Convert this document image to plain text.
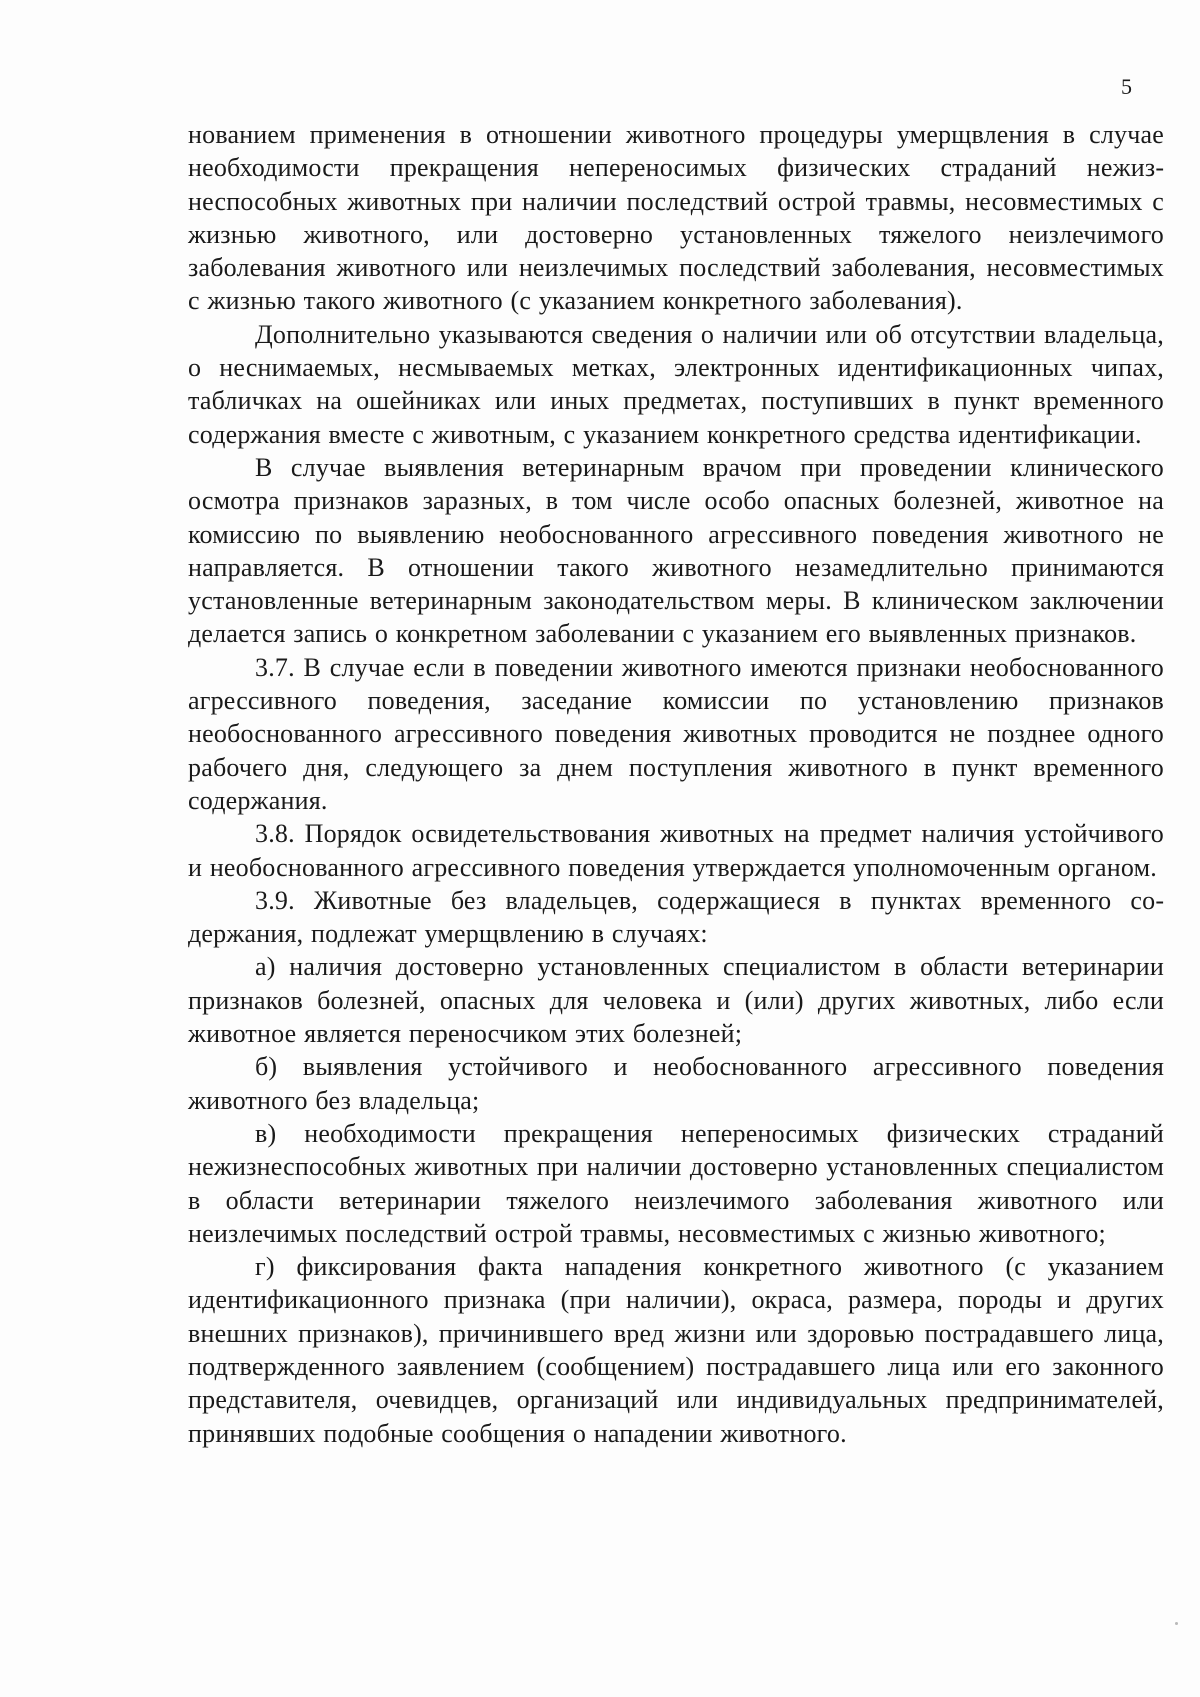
5

нованием применения в отношении животного процедуры умерщвления в случае необходимости прекращения непереносимых физических страданий нежизнеспособных животных при наличии последствий острой травмы, несовместимых с жизнью животного, или достоверно установленных тяжелого неизлечимого заболевания животного или неизлечимых последствий заболевания, несовместимых с жизнью такого животного (с указанием конкретного заболевания).

Дополнительно указываются сведения о наличии или об отсутствии владельца, о неснимаемых, несмываемых метках, электронных идентификационных чипах, табличках на ошейниках или иных предметах, поступивших в пункт временного содержания вместе с животным, с указанием конкретного средства идентификации.

В случае выявления ветеринарным врачом при проведении клинического осмотра признаков заразных, в том числе особо опасных болезней, животное на комиссию по выявлению необоснованного агрессивного поведения животного не направляется. В отношении такого животного незамедлительно принимаются установленные ветеринарным законодательством меры. В клиническом заключении делается запись о конкретном заболевании с указанием его выявленных признаков.

3.7. В случае если в поведении животного имеются признаки необоснованного агрессивного поведения, заседание комиссии по установлению признаков необоснованного агрессивного поведения животных проводится не позднее одного рабочего дня, следующего за днем поступления животного в пункт временного содержания.

3.8. Порядок освидетельствования животных на предмет наличия устойчивого и необоснованного агрессивного поведения утверждается уполномоченным органом.

3.9. Животные без владельцев, содержащиеся в пунктах временного содержания, подлежат умерщвлению в случаях:

а) наличия достоверно установленных специалистом в области ветеринарии признаков болезней, опасных для человека и (или) других животных, либо если животное является переносчиком этих болезней;

б) выявления устойчивого и необоснованного агрессивного поведения животного без владельца;

в) необходимости прекращения непереносимых физических страданий нежизнеспособных животных при наличии достоверно установленных специалистом в области ветеринарии тяжелого неизлечимого заболевания животного или неизлечимых последствий острой травмы, несовместимых с жизнью животного;

г) фиксирования факта нападения конкретного животного (с указанием идентификационного признака (при наличии), окраса, размера, породы и других внешних признаков), причинившего вред жизни или здоровью пострадавшего лица, подтвержденного заявлением (сообщением) пострадавшего лица или его законного представителя, очевидцев, организаций или индивидуальных предпринимателей, принявших подобные сообщения о нападении животного.
